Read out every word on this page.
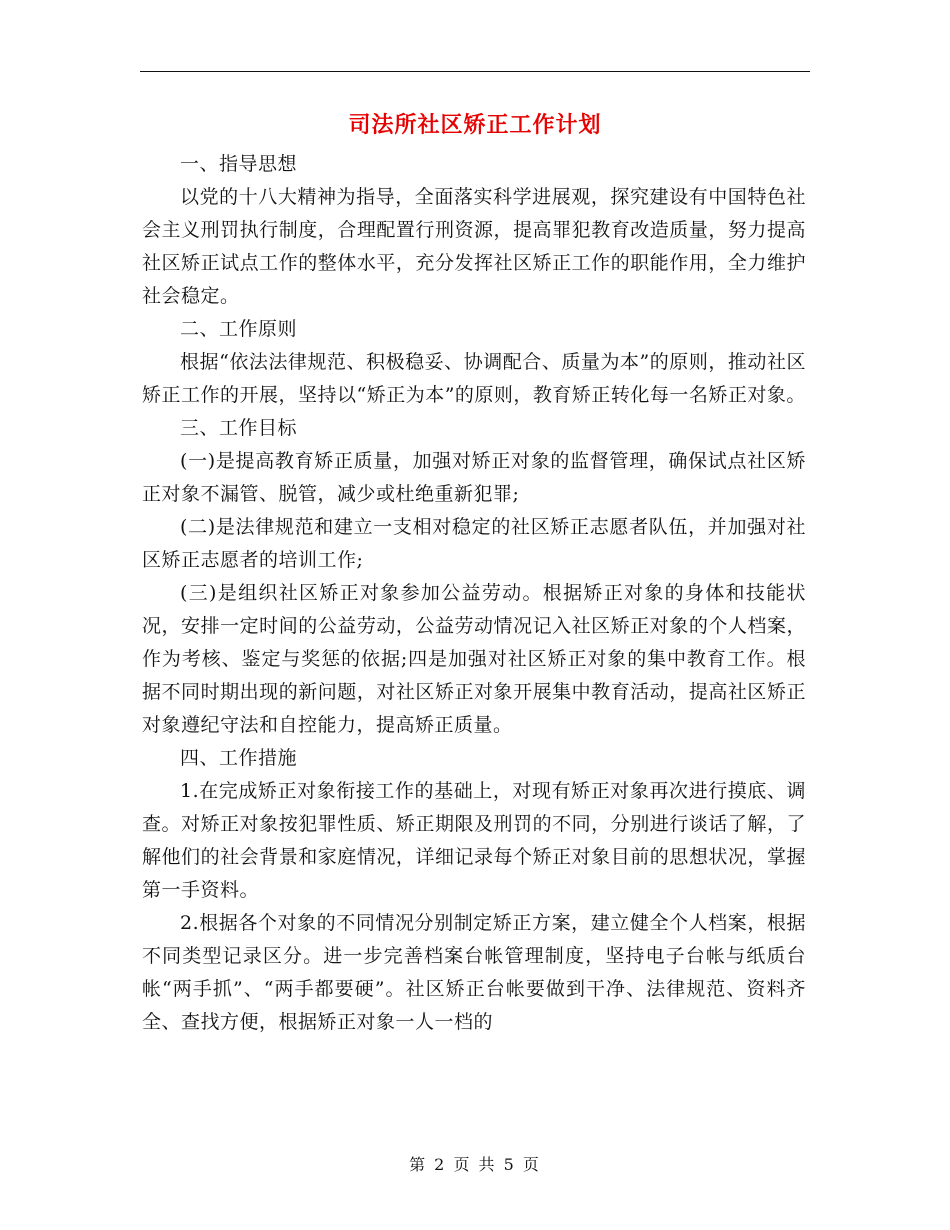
司法所社区矫正工作计划

一、指导思想

以党的十八大精神为指导，全面落实科学进展观，探究建设有中国特色社会主义刑罚执行制度，合理配置行刑资源，提高罪犯教育改造质量，努力提高社区矫正试点工作的整体水平，充分发挥社区矫正工作的职能作用，全力维护社会稳定。

二、工作原则

根据“依法法律规范、积极稳妥、协调配合、质量为本”的原则，推动社区矫正工作的开展，坚持以“矫正为本”的原则，教育矫正转化每一名矫正对象。

三、工作目标

(一)是提高教育矫正质量，加强对矫正对象的监督管理，确保试点社区矫正对象不漏管、脱管，减少或杜绝重新犯罪;

(二)是法律规范和建立一支相对稳定的社区矫正志愿者队伍，并加强对社区矫正志愿者的培训工作;

(三)是组织社区矫正对象参加公益劳动。根据矫正对象的身体和技能状况，安排一定时间的公益劳动，公益劳动情况记入社区矫正对象的个人档案，作为考核、鉴定与奖惩的依据;四是加强对社区矫正对象的集中教育工作。根据不同时期出现的新问题，对社区矫正对象开展集中教育活动，提高社区矫正对象遵纪守法和自控能力，提高矫正质量。

四、工作措施

1.在完成矫正对象衔接工作的基础上，对现有矫正对象再次进行摸底、调查。对矫正对象按犯罪性质、矫正期限及刑罚的不同，分别进行谈话了解，了解他们的社会背景和家庭情况，详细记录每个矫正对象目前的思想状况，掌握第一手资料。

2.根据各个对象的不同情况分别制定矫正方案，建立健全个人档案，根据不同类型记录区分。进一步完善档案台帐管理制度，坚持电子台帐与纸质台帐“两手抓”、“两手都要硬”。社区矫正台帐要做到干净、法律规范、资料齐全、查找方便，根据矫正对象一人一档的

第 2 页 共 5 页
